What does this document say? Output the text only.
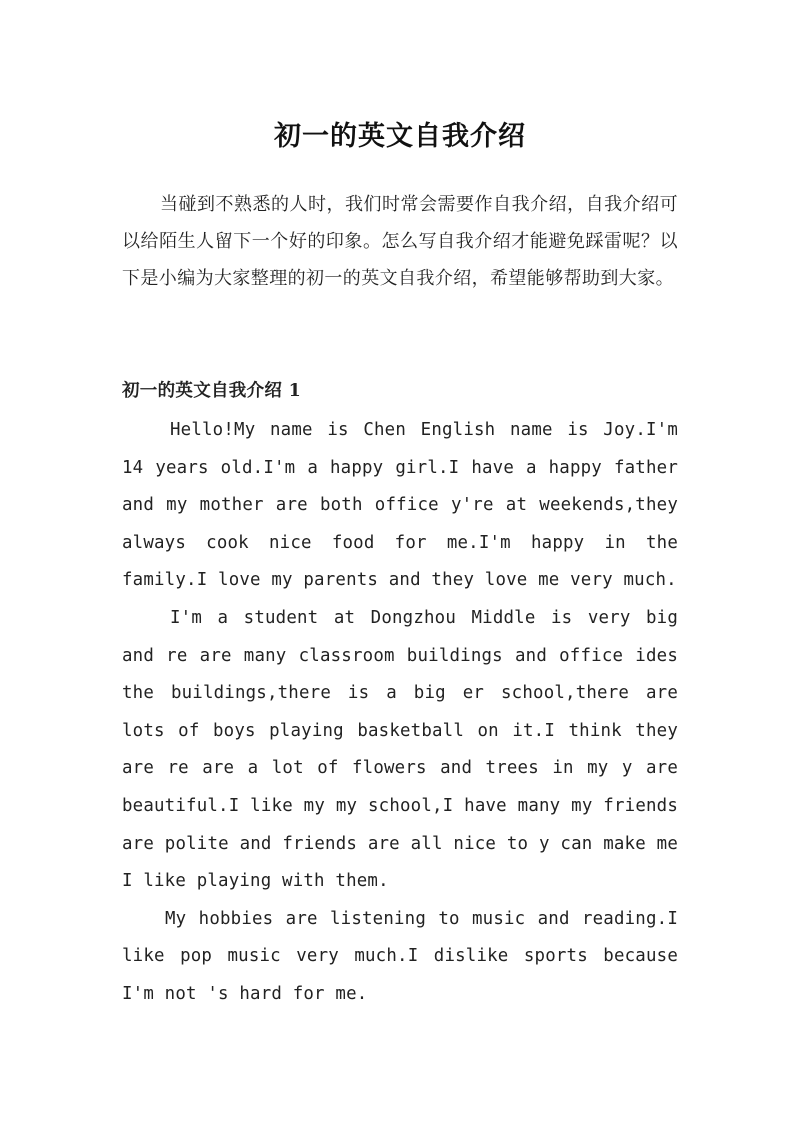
初一的英文自我介绍

当碰到不熟悉的人时，我们时常会需要作自我介绍，自我介绍可以给陌生人留下一个好的印象。怎么写自我介绍才能避免踩雷呢？以下是小编为大家整理的初一的英文自我介绍，希望能够帮助到大家。

初一的英文自我介绍 1

Hello!My name is Chen English name is Joy.I'm 14 years old.I'm a happy girl.I have a happy father and my mother are both office y're at weekends,they always cook nice food for me.I'm happy in the family.I love my parents and they love me very much.

I'm a student at Dongzhou Middle is very big and re are many classroom buildings and office ides the buildings,there is a big er school,there are lots of boys playing basketball on it.I think they are re are a lot of flowers and trees in my y are beautiful.I like my my school,I have many my friends are polite and friends are all nice to y can make me I like playing with them.

My hobbies are listening to music and reading.I like pop music very much.I dislike sports because I'm not 's hard for me.
